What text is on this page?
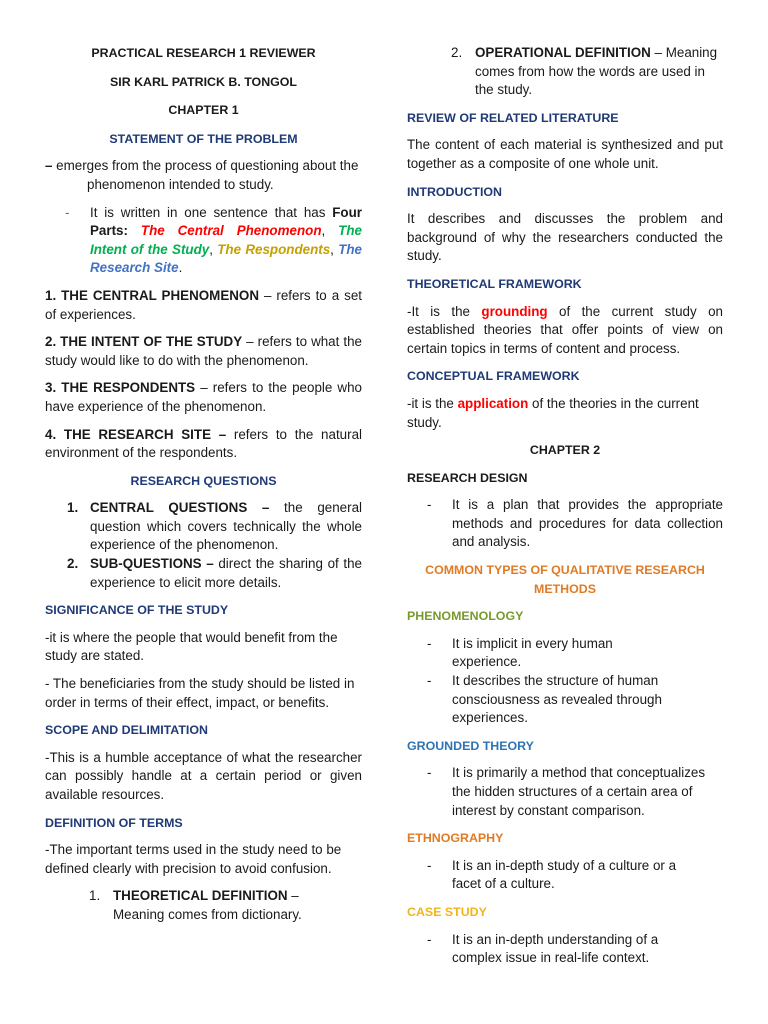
PRACTICAL RESEARCH 1 REVIEWER

SIR KARL PATRICK B. TONGOL

CHAPTER 1

STATEMENT OF THE PROBLEM

– emerges from the process of questioning about the phenomenon intended to study.

-	It is written in one sentence that has Four Parts: The Central Phenomenon, The Intent of the Study, The Respondents, The Research Site.

1. THE CENTRAL PHENOMENON – refers to a set of experiences.

2. THE INTENT OF THE STUDY – refers to what the study would like to do with the phenomenon.

3. THE RESPONDENTS – refers to the people who have experience of the phenomenon.

4. THE RESEARCH SITE – refers to the natural environment of the respondents.

RESEARCH QUESTIONS

1. CENTRAL QUESTIONS – the general question which covers technically the whole experience of the phenomenon.
2. SUB-QUESTIONS – direct the sharing of the experience to elicit more details.

SIGNIFICANCE OF THE STUDY

-it is where the people that would benefit from the study are stated.

- The beneficiaries from the study should be listed in order in terms of their effect, impact, or benefits.

SCOPE AND DELIMITATION

-This is a humble acceptance of what the researcher can possibly handle at a certain period or given available resources.

DEFINITION OF TERMS

-The important terms used in the study need to be defined clearly with precision to avoid confusion.

1. THEORETICAL DEFINITION – Meaning comes from dictionary.
2. OPERATIONAL DEFINITION – Meaning comes from how the words are used in the study.

REVIEW OF RELATED LITERATURE

The content of each material is synthesized and put together as a composite of one whole unit.

INTRODUCTION

It describes and discusses the problem and background of why the researchers conducted the study.

THEORETICAL FRAMEWORK

-It is the grounding of the current study on established theories that offer points of view on certain topics in terms of content and process.

CONCEPTUAL FRAMEWORK

-it is the application of the theories in the current study.

CHAPTER 2

RESEARCH DESIGN

-	It is a plan that provides the appropriate methods and procedures for data collection and analysis.

COMMON TYPES OF QUALITATIVE RESEARCH METHODS

PHENOMENOLOGY

-	It is implicit in every human experience.
-	It describes the structure of human consciousness as revealed through experiences.

GROUNDED THEORY

-	It is primarily a method that conceptualizes the hidden structures of a certain area of interest by constant comparison.

ETHNOGRAPHY

-	It is an in-depth study of a culture or a facet of a culture.

CASE STUDY

-	It is an in-depth understanding of a complex issue in real-life context.
